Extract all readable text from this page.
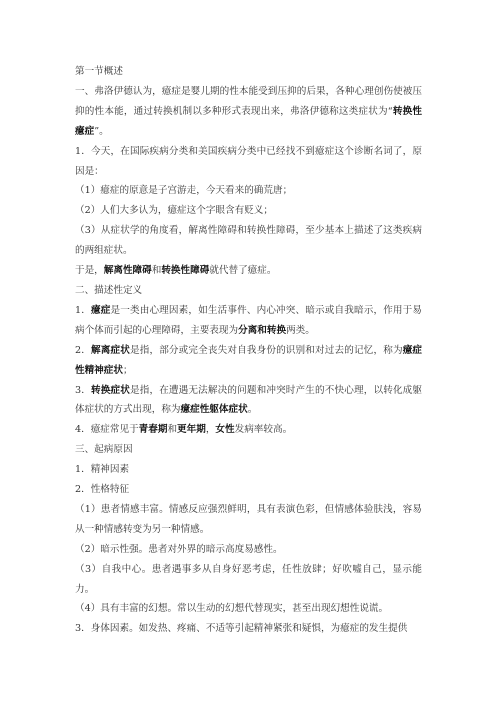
第一节概述

一、弗洛伊德认为，癔症是婴儿期的性本能受到压抑的后果，各种心理创伤使被压抑的性本能，通过转换机制以多种形式表现出来，弗洛伊德称这类症状为“转换性癔症”。

1．今天，在国际疾病分类和美国疾病分类中已经找不到癔症这个诊断名词了，原因是：

（1）癔症的原意是子宫游走，今天看来的确荒唐；

（2）人们大多认为，癔症这个字眼含有贬义；

（3）从症状学的角度看，解离性障碍和转换性障碍，至少基本上描述了这类疾病的两组症状。

于是，解离性障碍和转换性障碍就代替了癔症。

二、描述性定义

1．癔症是一类由心理因素，如生活事件、内心冲突、暗示或自我暗示，作用于易病个体而引起的心理障碍，主要表现为分离和转换两类。

2．解离症状是指，部分或完全丧失对自我身份的识别和对过去的记忆，称为癔症性精神症状；

3．转换症状是指，在遭遇无法解决的问题和冲突时产生的不快心理，以转化成躯体症状的方式出现，称为癔症性躯体症状。

4．癔症常见于青春期和更年期，女性发病率较高。

三、起病原因

1．精神因素

2．性格特征

（1）患者情感丰富。情感反应强烈鲜明，具有表演色彩，但情感体验肤浅，容易从一种情感转变为另一种情感。

（2）暗示性强。患者对外界的暗示高度易感性。

（3）自我中心。患者遇事多从自身好恶考虑，任性放肆；好吹嘘自己，显示能力。

（4）具有丰富的幻想。常以生动的幻想代替现实，甚至出现幻想性说谎。

3．身体因素。如发热、疼痛、不适等引起精神紧张和疑惧，为癔症的发生提供
